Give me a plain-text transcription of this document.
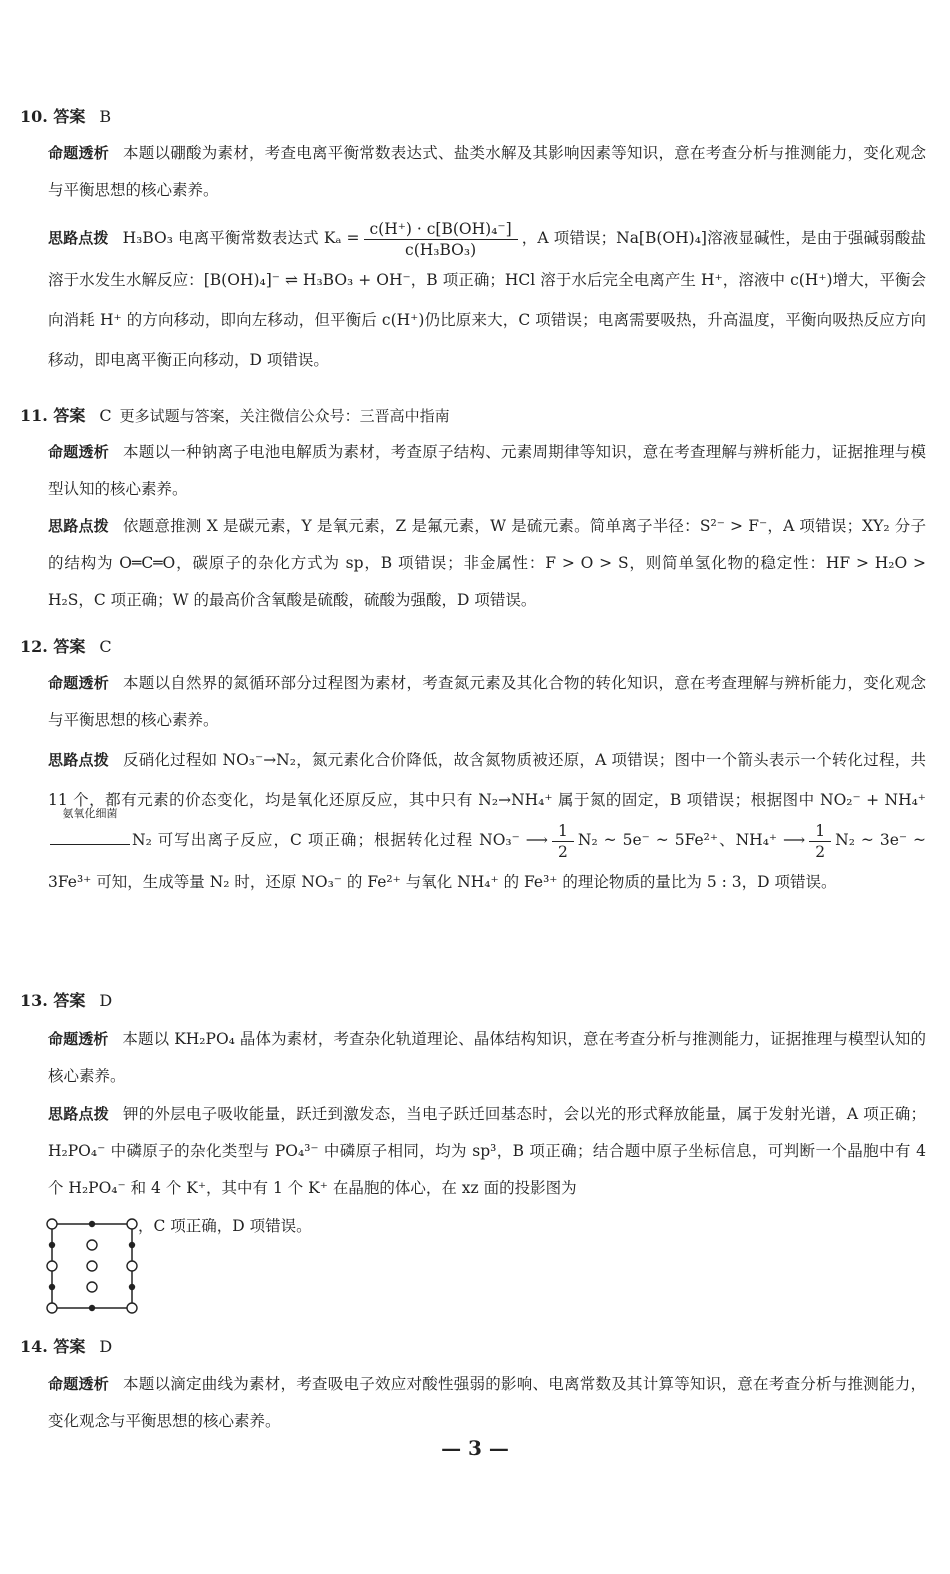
10. 答案 B

命题透析 本题以硼酸为素材，考查电离平衡常数表达式、盐类水解及其影响因素等知识，意在考查分析与推测能力，变化观念与平衡思想的核心素养。

思路点拨 H₃BO₃ 电离平衡常数表达式 $K_a = \frac{\text{c(H⁺) · c[B(OH)₄⁻]}}{\text{c(H₃BO₃)}}$ ，A 项错误；Na[B(OH)₄]溶液显碱性，是由于强碱弱酸盐溶于水发生水解反应：[B(OH)₄]⁻ ⇌ H₃BO₃ + OH⁻，B 项正确；HCl 溶于水后完全电离产生 H⁺，溶液中 c(H⁺)增大，平衡会向消耗 H⁺ 的方向移动，即向左移动，但平衡后 c(H⁺)仍比原来大，C 项错误；电离需要吸热，升高温度，平衡向吸热反应方向移动，即电离平衡正向移动，D 项错误。

11. 答案 C 更多试题与答案，关注微信公众号：三晋高中指南

命题透析 本题以一种钠离子电池电解质为素材，考查原子结构、元素周期律等知识，意在考查理解与辨析能力，证据推理与模型认知的核心素养。

思路点拨 依题意推测 X 是碳元素，Y 是氧元素，Z 是氟元素，W 是硫元素。简单离子半径：S²⁻ > F⁻，A 项错误；XY₂ 分子的结构为 O═C═O，碳原子的杂化方式为 sp，B 项错误；非金属性：F > O > S，则简单氢化物的稳定性：HF > H₂O > H₂S，C 项正确；W 的最高价含氧酸是硫酸，硫酸为强酸，D 项错误。

12. 答案 C

命题透析 本题以自然界的氮循环部分过程图为素材，考查氮元素及其化合物的转化知识，意在考查理解与辨析能力，变化观念与平衡思想的核心素养。

思路点拨 反硝化过程如 NO₃⁻→N₂，氮元素化合价降低，故含氮物质被还原，A 项错误；图中一个箭头表示一个转化过程，共 11 个，都有元素的价态变化，均是氧化还原反应，其中只有 N₂→NH₄⁺ 属于氮的固定，B 项错误；根据图中 NO₂⁻ + NH₄⁺
氨氧化细菌
N₂ 可写出离子反应，C 项正确；根据转化过程 NO₃⁻ ⟶ $\frac{1}{2} N_2$ ~ 5e⁻ ~ 5Fe²⁺、NH₄⁺ ⟶ $\frac{1}{2} N_2$ ~ 3e⁻ ~ 3Fe³⁺ 可知，生成等量 N₂ 时，还原 NO₃⁻ 的 Fe²⁺ 与氧化 NH₄⁺ 的 Fe³⁺ 的理论物质的量比为 5 : 3，D 项错误。

13. 答案 D

命题透析 本题以 KH₂PO₄ 晶体为素材，考查杂化轨道理论、晶体结构知识，意在考查分析与推测能力，证据推理与模型认知的核心素养。

思路点拨 钾的外层电子吸收能量，跃迁到激发态，当电子跃迁回基态时，会以光的形式释放能量，属于发射光谱，A 项正确；H₂PO₄⁻ 中磷原子的杂化类型与 PO₄³⁻ 中磷原子相同，均为 sp³，B 项正确；结合题中原子坐标信息，可判断一个晶胞中有 4 个 H₂PO₄⁻ 和 4 个 K⁺，其中有 1 个 K⁺ 在晶胞的体心，在 xz 面的投影图为

，C 项正确，D 项错误。
14. 答案 D

命题透析 本题以滴定曲线为素材，考查吸电子效应对酸性强弱的影响、电离常数及其计算等知识，意在考查分析与推测能力，变化观念与平衡思想的核心素养。

— 3 —
